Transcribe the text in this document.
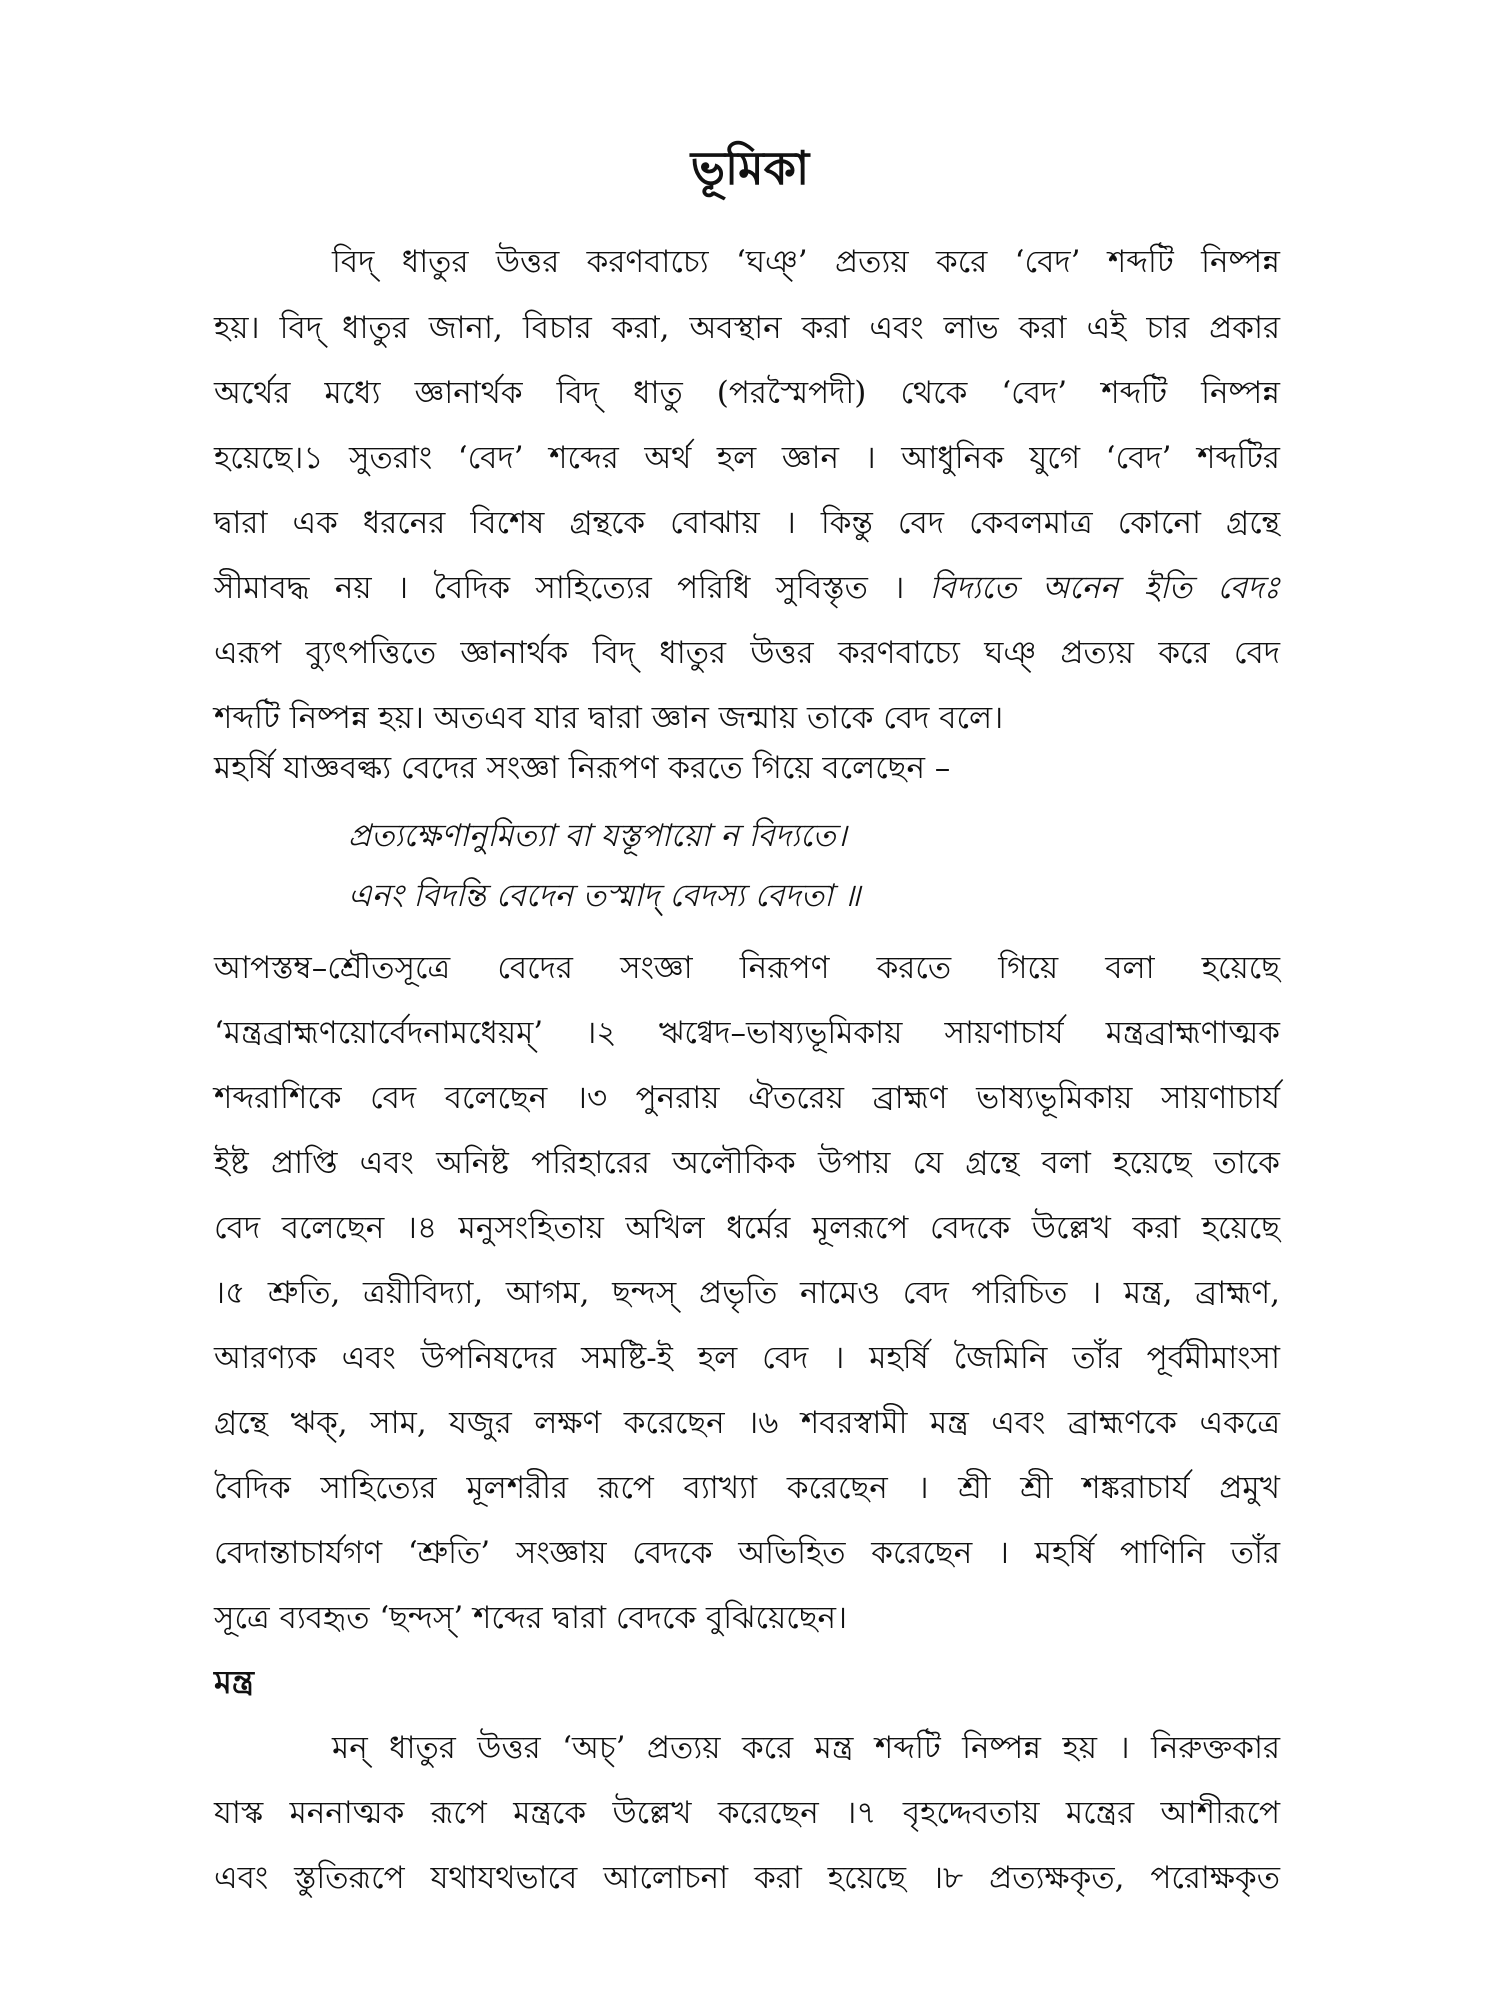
ভূমিকা

বিদ্ ধাতুর উত্তর করণবাচ্যে ‘ঘঞ্’ প্রত্যয় করে ‘বেদ’ শব্দটি নিষ্পন্ন

হয়। বিদ্ ধাতুর জানা, বিচার করা, অবস্থান করা এবং লাভ করা এই চার প্রকার

অর্থের মধ্যে জ্ঞানার্থক বিদ্ ধাতু (পরস্মৈপদী) থেকে ‘বেদ’ শব্দটি নিষ্পন্ন

হয়েছে।১ সুতরাং ‘বেদ’ শব্দের অর্থ হল জ্ঞান । আধুনিক যুগে ‘বেদ’ শব্দটির

দ্বারা এক ধরনের বিশেষ গ্রন্থকে বোঝায় । কিন্তু বেদ কেবলমাত্র কোনো গ্রন্থে

সীমাবদ্ধ নয় । বৈদিক সাহিত্যের পরিধি সুবিস্তৃত । বিদ্যতে অনেন ইতি বেদঃ

এরূপ ব্যুৎপত্তিতে জ্ঞানার্থক বিদ্ ধাতুর উত্তর করণবাচ্যে ঘঞ্ প্রত্যয় করে বেদ

শব্দটি নিষ্পন্ন হয়। অতএব যার দ্বারা জ্ঞান জন্মায় তাকে বেদ বলে।

মহর্ষি যাজ্ঞবল্ক্য বেদের সংজ্ঞা নিরূপণ করতে গিয়ে বলেছেন –

প্রত্যক্ষেণানুমিত্যা বা যস্তূপায়ো ন বিদ্যতে।

এনং বিদন্তি বেদেন তস্মাদ্ বেদস্য বেদতা ॥

আপস্তম্ব–শ্রৌতসূত্রে বেদের সংজ্ঞা নিরূপণ করতে গিয়ে বলা হয়েছে

‘মন্ত্রব্রাহ্মণয়োর্বেদনামধেয়ম্’ ।২ ঋগ্বেদ–ভাষ্যভূমিকায় সায়ণাচার্য মন্ত্রব্রাহ্মণাত্মক

শব্দরাশিকে বেদ বলেছেন ।৩ পুনরায় ঐতরেয় ব্রাহ্মণ ভাষ্যভূমিকায় সায়ণাচার্য

ইষ্ট প্রাপ্তি এবং অনিষ্ট পরিহারের অলৌকিক উপায় যে গ্রন্থে বলা হয়েছে তাকে

বেদ বলেছেন ।৪ মনুসংহিতায় অখিল ধর্মের মূলরূপে বেদকে উল্লেখ করা হয়েছে

।৫ শ্রুতি, ত্রয়ীবিদ্যা, আগম, ছন্দস্ প্রভৃতি নামেও বেদ পরিচিত । মন্ত্র, ব্রাহ্মণ,

আরণ্যক এবং উপনিষদের সমষ্টি-ই হল বেদ । মহর্ষি জৈমিনি তাঁর পূর্বমীমাংসা

গ্রন্থে ঋক্, সাম, যজুর লক্ষণ করেছেন ।৬ শবরস্বামী মন্ত্র এবং ব্রাহ্মণকে একত্রে

বৈদিক সাহিত্যের মূলশরীর রূপে ব্যাখ্যা করেছেন । শ্রী শ্রী শঙ্করাচার্য প্রমুখ

বেদান্তাচার্যগণ ‘শ্রুতি’ সংজ্ঞায় বেদকে অভিহিত করেছেন । মহর্ষি পাণিনি তাঁর

সূত্রে ব্যবহৃত ‘ছন্দস্’ শব্দের দ্বারা বেদকে বুঝিয়েছেন।

মন্ত্র

মন্ ধাতুর উত্তর ‘অচ্’ প্রত্যয় করে মন্ত্র শব্দটি নিষ্পন্ন হয় । নিরুক্তকার

যাস্ক মননাত্মক রূপে মন্ত্রকে উল্লেখ করেছেন ।৭ বৃহদ্দেবতায় মন্ত্রের আশীরূপে

এবং স্তুতিরূপে যথাযথভাবে আলোচনা করা হয়েছে ।৮ প্রত্যক্ষকৃত, পরোক্ষকৃত
